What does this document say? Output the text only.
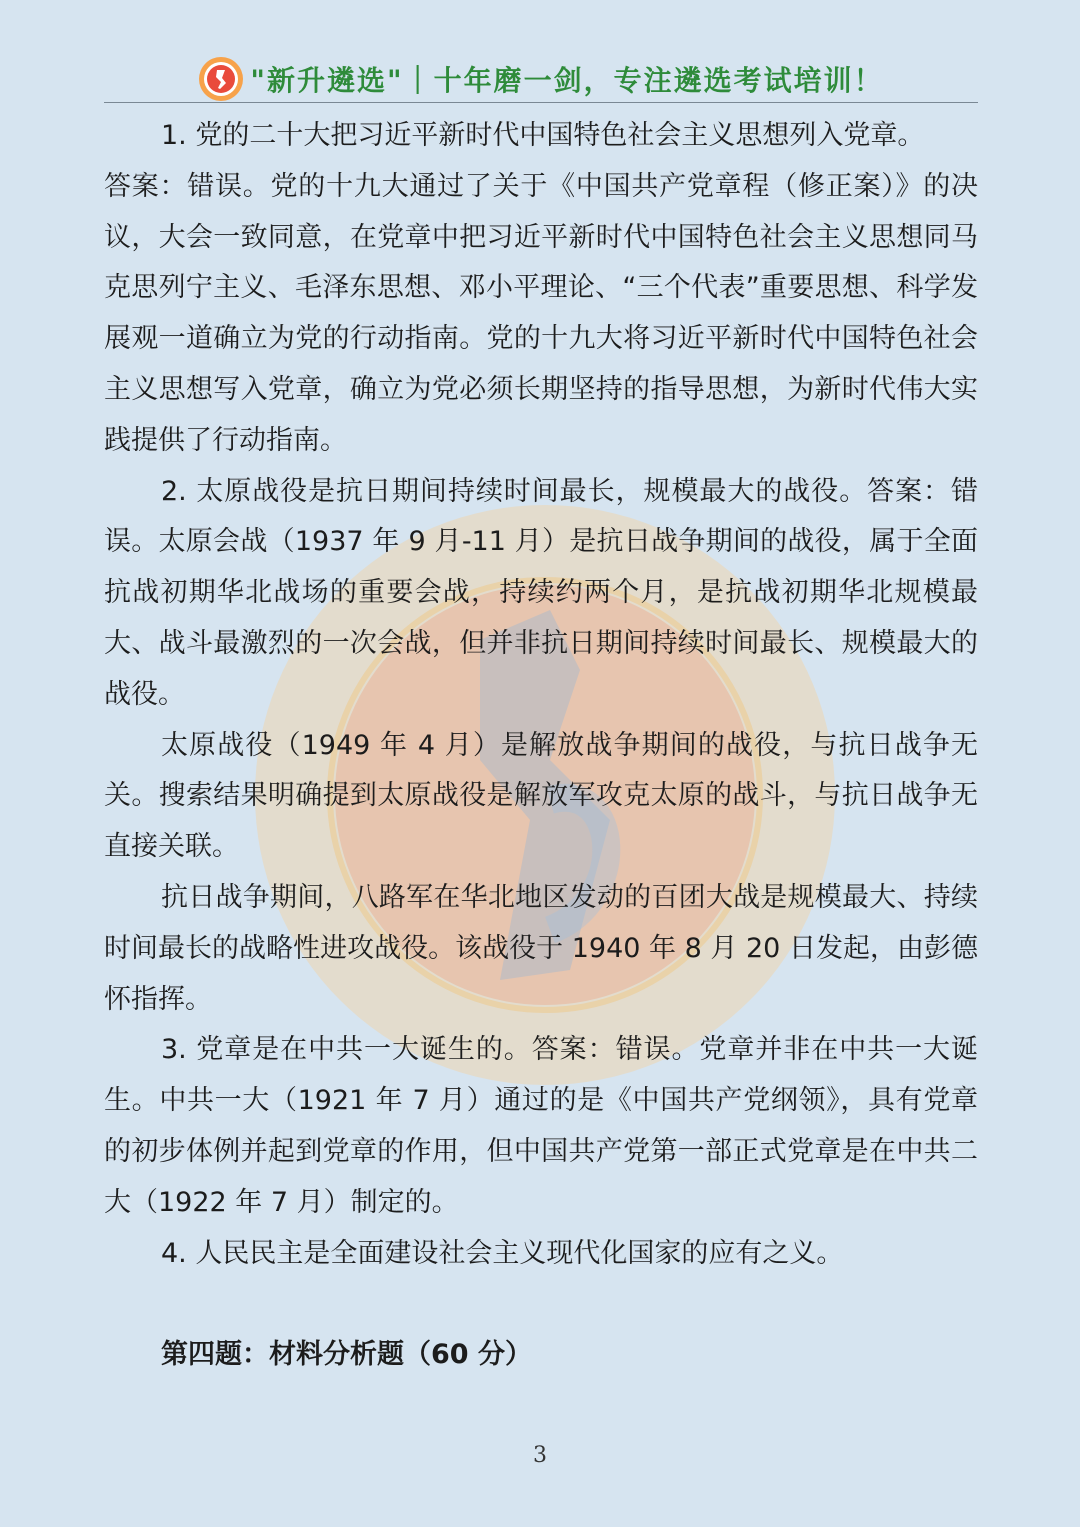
"新升遴选"｜十年磨一剑，专注遴选考试培训！

1. 党的二十大把习近平新时代中国特色社会主义思想列入党章。

答案：错误。党的十九大通过了关于《中国共产党章程（修正案）》的决议，大会一致同意，在党章中把习近平新时代中国特色社会主义思想同马克思列宁主义、毛泽东思想、邓小平理论、“三个代表”重要思想、科学发展观一道确立为党的行动指南。党的十九大将习近平新时代中国特色社会主义思想写入党章，确立为党必须长期坚持的指导思想，为新时代伟大实践提供了行动指南。

2. 太原战役是抗日期间持续时间最长，规模最大的战役。答案：错误。太原会战（1937 年 9 月-11 月）是抗日战争期间的战役，属于全面抗战初期华北战场的重要会战，持续约两个月，是抗战初期华北规模最大、战斗最激烈的一次会战，但并非抗日期间持续时间最长、规模最大的战役。

太原战役（1949 年 4 月）是解放战争期间的战役，与抗日战争无关。搜索结果明确提到太原战役是解放军攻克太原的战斗，与抗日战争无直接关联。

抗日战争期间，八路军在华北地区发动的百团大战是规模最大、持续时间最长的战略性进攻战役。该战役于 1940 年 8 月 20 日发起，由彭德怀指挥。

3. 党章是在中共一大诞生的。答案：错误。党章并非在中共一大诞生。中共一大（1921 年 7 月）通过的是《中国共产党纲领》，具有党章的初步体例并起到党章的作用，但中国共产党第一部正式党章是在中共二大（1922 年 7 月）制定的。

4. 人民民主是全面建设社会主义现代化国家的应有之义。

第四题：材料分析题（60 分）
3
